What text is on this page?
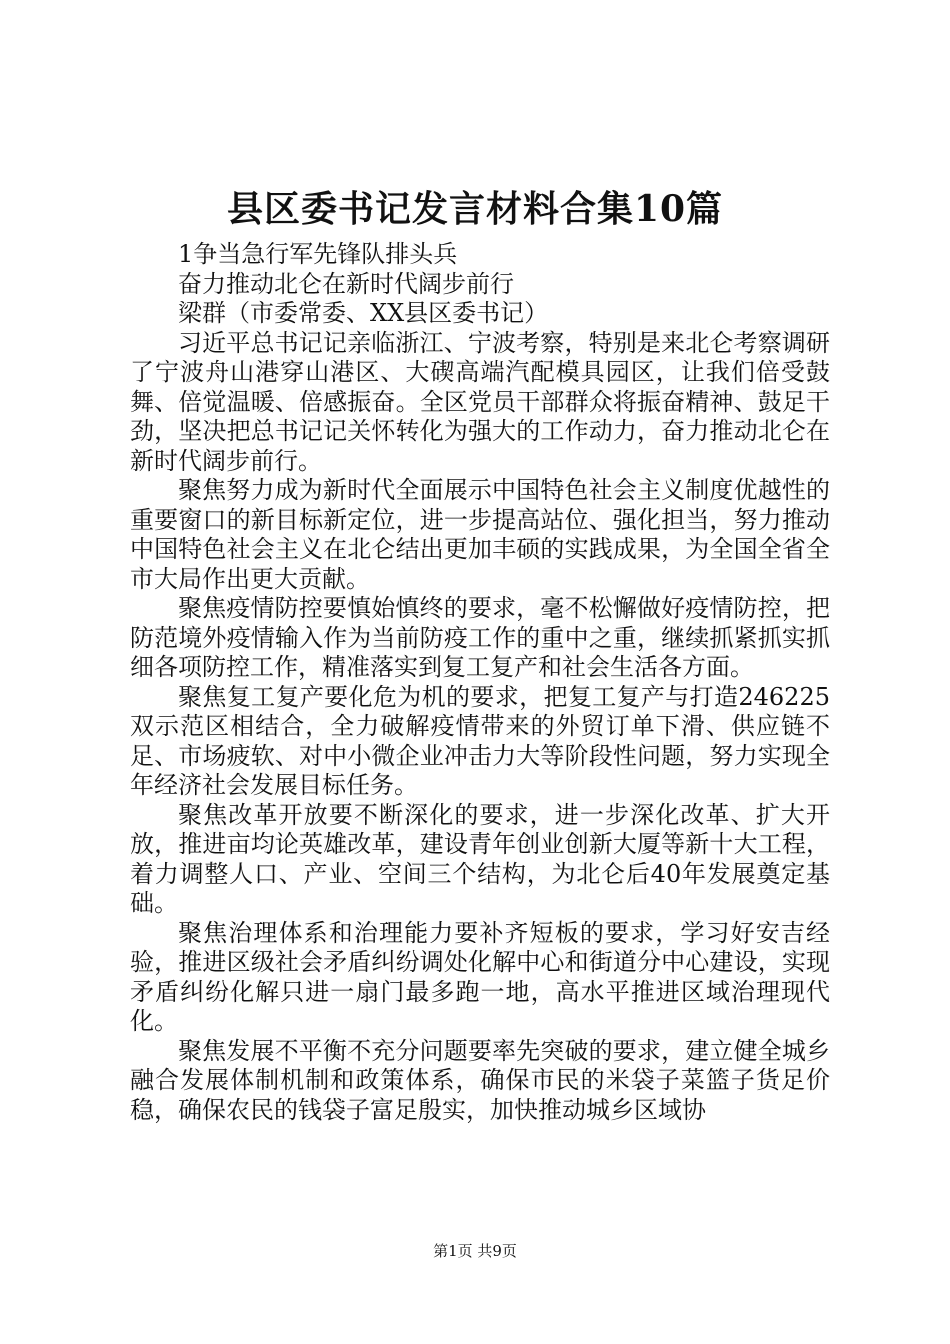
县区委书记发言材料合集10篇

1争当急行军先锋队排头兵

奋力推动北仑在新时代阔步前行

梁群（市委常委、XX县区委书记）

习近平总书记记亲临浙江、宁波考察，特别是来北仑考察调研了宁波舟山港穿山港区、大碶高端汽配模具园区，让我们倍受鼓舞、倍觉温暖、倍感振奋。全区党员干部群众将振奋精神、鼓足干劲，坚决把总书记记关怀转化为强大的工作动力，奋力推动北仑在新时代阔步前行。

聚焦努力成为新时代全面展示中国特色社会主义制度优越性的重要窗口的新目标新定位，进一步提高站位、强化担当，努力推动中国特色社会主义在北仑结出更加丰硕的实践成果，为全国全省全市大局作出更大贡献。

聚焦疫情防控要慎始慎终的要求，毫不松懈做好疫情防控，把防范境外疫情输入作为当前防疫工作的重中之重，继续抓紧抓实抓细各项防控工作，精准落实到复工复产和社会生活各方面。

聚焦复工复产要化危为机的要求，把复工复产与打造246225双示范区相结合，全力破解疫情带来的外贸订单下滑、供应链不足、市场疲软、对中小微企业冲击力大等阶段性问题，努力实现全年经济社会发展目标任务。

聚焦改革开放要不断深化的要求，进一步深化改革、扩大开放，推进亩均论英雄改革，建设青年创业创新大厦等新十大工程，着力调整人口、产业、空间三个结构，为北仑后40年发展奠定基础。

聚焦治理体系和治理能力要补齐短板的要求，学习好安吉经验，推进区级社会矛盾纠纷调处化解中心和街道分中心建设，实现矛盾纠纷化解只进一扇门最多跑一地，高水平推进区域治理现代化。

聚焦发展不平衡不充分问题要率先突破的要求，建立健全城乡融合发展体制机制和政策体系，确保市民的米袋子菜篮子货足价稳，确保农民的钱袋子富足殷实，加快推动城乡区域协

第1页 共9页
